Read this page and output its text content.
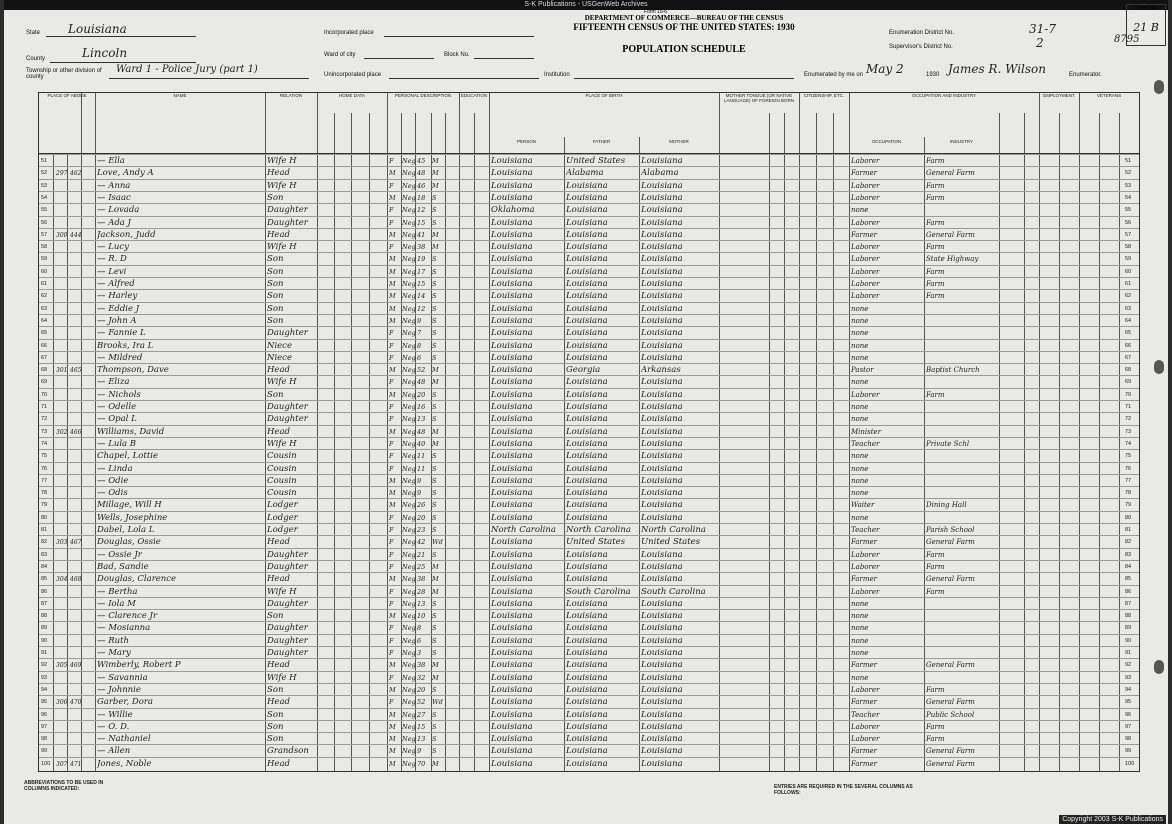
S-K Publications - USGenWeb Archives
Form 15-6
DEPARTMENT OF COMMERCE—BUREAU OF THE CENSUS
FIFTEENTH CENSUS OF THE UNITED STATES: 1930
POPULATION SCHEDULE
State Louisiana
County	Lincoln
Township or other division of county
Ward 1 - Police Jury (part 1)
Incorporated place
Ward of city	Block No.
Unincorporated place	Institution
Enumeration District No.	31-7
Supervisor's District No.	2
Enumerated by me on May 2	1930 James R. Wilson	Enumerator.
Sheet No.
21 B
8795
PLACE OF ABODE	NAME	RELATION	HOME DATA	PERSONAL DESCRIPTION	EDUCATION	PLACE OF BIRTH
PERSON	FATHER	MOTHER
MOTHER TONGUE (OR NATIVE LANGUAGE) OF FOREIGN BORN
CITIZENSHIP, ETC.	OCCUPATION AND INDUSTRY
OCCUPATION	INDUSTRY
EMPLOYMENT	VETERANS
51	51
— Ella	Wife H	F	Neg 45	M	Louisiana	United States	Louisiana	Laborer	Farm
52	52
297 462	Love, Andy A	Head	M Neg 48	M	Louisiana	Alabama	Alabama	Farmer	General Farm
53	53
— Anna	Wife H	F	Neg 46	M	Louisiana	Louisiana	Louisiana	Laborer	Farm
54	54
— Isaac	Son	M Neg 18	S	Louisiana	Louisiana	Louisiana	Laborer	Farm
55	55
— Lovada	Daughter	F	Neg 12	S	Oklahoma	Louisiana	Louisiana	none
56	56
— Ada J	Daughter	F	Neg 15	S	Louisiana	Louisiana	Louisiana	Laborer	Farm
57	57
300 444	Jackson, Judd	Head	M Neg 41	M	Louisiana	Louisiana	Louisiana	Farmer	General Farm
58	58
— Lucy	Wife H	F	Neg 38	M	Louisiana	Louisiana	Louisiana	Laborer	Farm
59	59
— R. D	Son	M Neg 19	S	Louisiana	Louisiana	Louisiana	Laborer	State Highway
60	60
— Levi	Son	M Neg 17	S	Louisiana	Louisiana	Louisiana	Laborer	Farm
61	61
— Alfred	Son	M Neg 15	S	Louisiana	Louisiana	Louisiana	Laborer	Farm
62	62
— Harley	Son	M Neg 14	S	Louisiana	Louisiana	Louisiana	Laborer	Farm
63	63
— Eddie J	Son	M Neg 12	S	Louisiana	Louisiana	Louisiana	none
64	64
— John A	Son	M Neg 9	S	Louisiana	Louisiana	Louisiana	none
65	65
— Fannie L	Daughter	F	Neg 7	S	Louisiana	Louisiana	Louisiana	none
66	66
Brooks, Ira L	Niece	F	Neg 8	S	Louisiana	Louisiana	Louisiana	none
67	67
— Mildred	Niece	F	Neg 6	S	Louisiana	Louisiana	Louisiana	none
68	68
301 465	Thompson, Dave	Head	M Neg 52	M	Louisiana	Georgia	Arkansas	Pastor	Baptist Church
69	69
— Eliza	Wife H	F	Neg 48	M	Louisiana	Louisiana	Louisiana	none
70	70
— Nichols	Son	M Neg 20	S	Louisiana	Louisiana	Louisiana	Laborer	Farm
71	71
— Odelle	Daughter	F	Neg 16	S	Louisiana	Louisiana	Louisiana	none
72	72
— Opal L	Daughter	F	Neg 13	S	Louisiana	Louisiana	Louisiana	none
73	73
302 466	Williams, David	Head	M Neg 48	M	Louisiana	Louisiana	Louisiana	Minister
74	74
— Lula B	Wife H	F	Neg 40	M	Louisiana	Louisiana	Louisiana	Teacher	Private Schl
75	75
Chapel, Lottie	Cousin	F	Neg 11	S	Louisiana	Louisiana	Louisiana	none
76	76
— Linda	Cousin	F	Neg 11	S	Louisiana	Louisiana	Louisiana	none
77	77
— Odie	Cousin	M Neg 9	S	Louisiana	Louisiana	Louisiana	none
78	78
— Odis	Cousin	M Neg 9	S	Louisiana	Louisiana	Louisiana	none
79	79
Millage, Will H	Lodger	M Neg 26	S	Louisiana	Louisiana	Louisiana	Waiter	Dining Hall
80	80
Wells, Josephine	Lodger	F	Neg 20	S	Louisiana	Louisiana	Louisiana	none
81	81
Dabel, Lola L	Lodger	F	Neg 23	S	North Carolina	North Carolina	North Carolina	Teacher	Parish School
82	82
303 467	Douglas, Ossie	Head	F	Neg 42	Wd	Louisiana	United States	United States	Farmer	General Farm
83	83
— Ossie Jr	Daughter	F	Neg 21	S	Louisiana	Louisiana	Louisiana	Laborer	Farm
84	84
Bad, Sandie	Daughter	F	Neg 25	M	Louisiana	Louisiana	Louisiana	Laborer	Farm
85	85
304 468	Douglas, Clarence	Head	M Neg 38	M	Louisiana	Louisiana	Louisiana	Farmer	General Farm
86	86
— Bertha	Wife H	F	Neg 28	M	Louisiana	South Carolina	South Carolina	Laborer	Farm
87	87
— Iola M	Daughter	F	Neg 13	S	Louisiana	Louisiana	Louisiana	none
88	88
— Clarence Jr	Son	M Neg 10	S	Louisiana	Louisiana	Louisiana	none
89	89
— Mosianna	Daughter	F	Neg 8	S	Louisiana	Louisiana	Louisiana	none
90	90
— Ruth	Daughter	F	Neg 6	S	Louisiana	Louisiana	Louisiana	none
91	91
— Mary	Daughter	F	Neg 3	S	Louisiana	Louisiana	Louisiana	none
92	92
305 469	Wimberly, Robert P	Head	M Neg 38	M	Louisiana	Louisiana	Louisiana	Farmer	General Farm
93	93
— Savannia	Wife H	F	Neg 32	M	Louisiana	Louisiana	Louisiana	none
94	94
— Johnnie	Son	M Neg 20	S	Louisiana	Louisiana	Louisiana	Laborer	Farm
95	95
306 470	Garber, Dora	Head	F	Neg 52	Wd	Louisiana	Louisiana	Louisiana	Farmer	General Farm
96	96
— Willie	Son	M Neg 27	S	Louisiana	Louisiana	Louisiana	Teacher	Public School
97	97
— O. D.	Son	M Neg 15	S	Louisiana	Louisiana	Louisiana	Laborer	Farm
98	98
— Nathaniel	Son	M Neg 13	S	Louisiana	Louisiana	Louisiana	Laborer	Farm
99	99
— Allen	Grandson	M Neg 9	S	Louisiana	Louisiana	Louisiana	Farmer	General Farm
100	100
307 471	Jones, Noble	Head	M Neg 70	M	Louisiana	Louisiana	Louisiana	Farmer	General Farm
ABBREVIATIONS TO BE USED IN COLUMNS INDICATED:	ENTRIES ARE REQUIRED IN THE SEVERAL COLUMNS AS FOLLOWS:
Copyright 2003 S-K Publications
